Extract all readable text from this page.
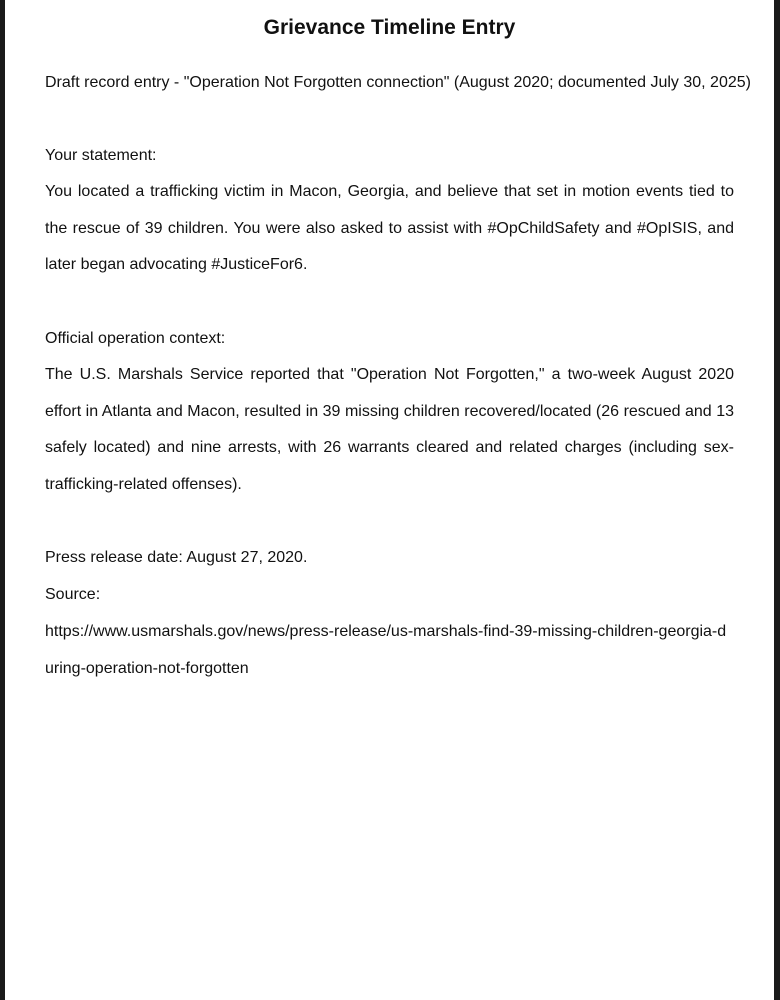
Grievance Timeline Entry

Draft record entry - "Operation Not Forgotten connection" (August 2020; documented July 30, 2025)

Your statement:

You located a trafficking victim in Macon, Georgia, and believe that set in motion events tied to the rescue of 39 children. You were also asked to assist with #OpChildSafety and #OpISIS, and later began advocating #JusticeFor6.

Official operation context:

The U.S. Marshals Service reported that "Operation Not Forgotten," a two-week August 2020 effort in Atlanta and Macon, resulted in 39 missing children recovered/located (26 rescued and 13 safely located) and nine arrests, with 26 warrants cleared and related charges (including sex-trafficking-related offenses).

Press release date: August 27, 2020.

Source:

https://www.usmarshals.gov/news/press-release/us-marshals-find-39-missing-children-georgia-during-operation-not-forgotten
